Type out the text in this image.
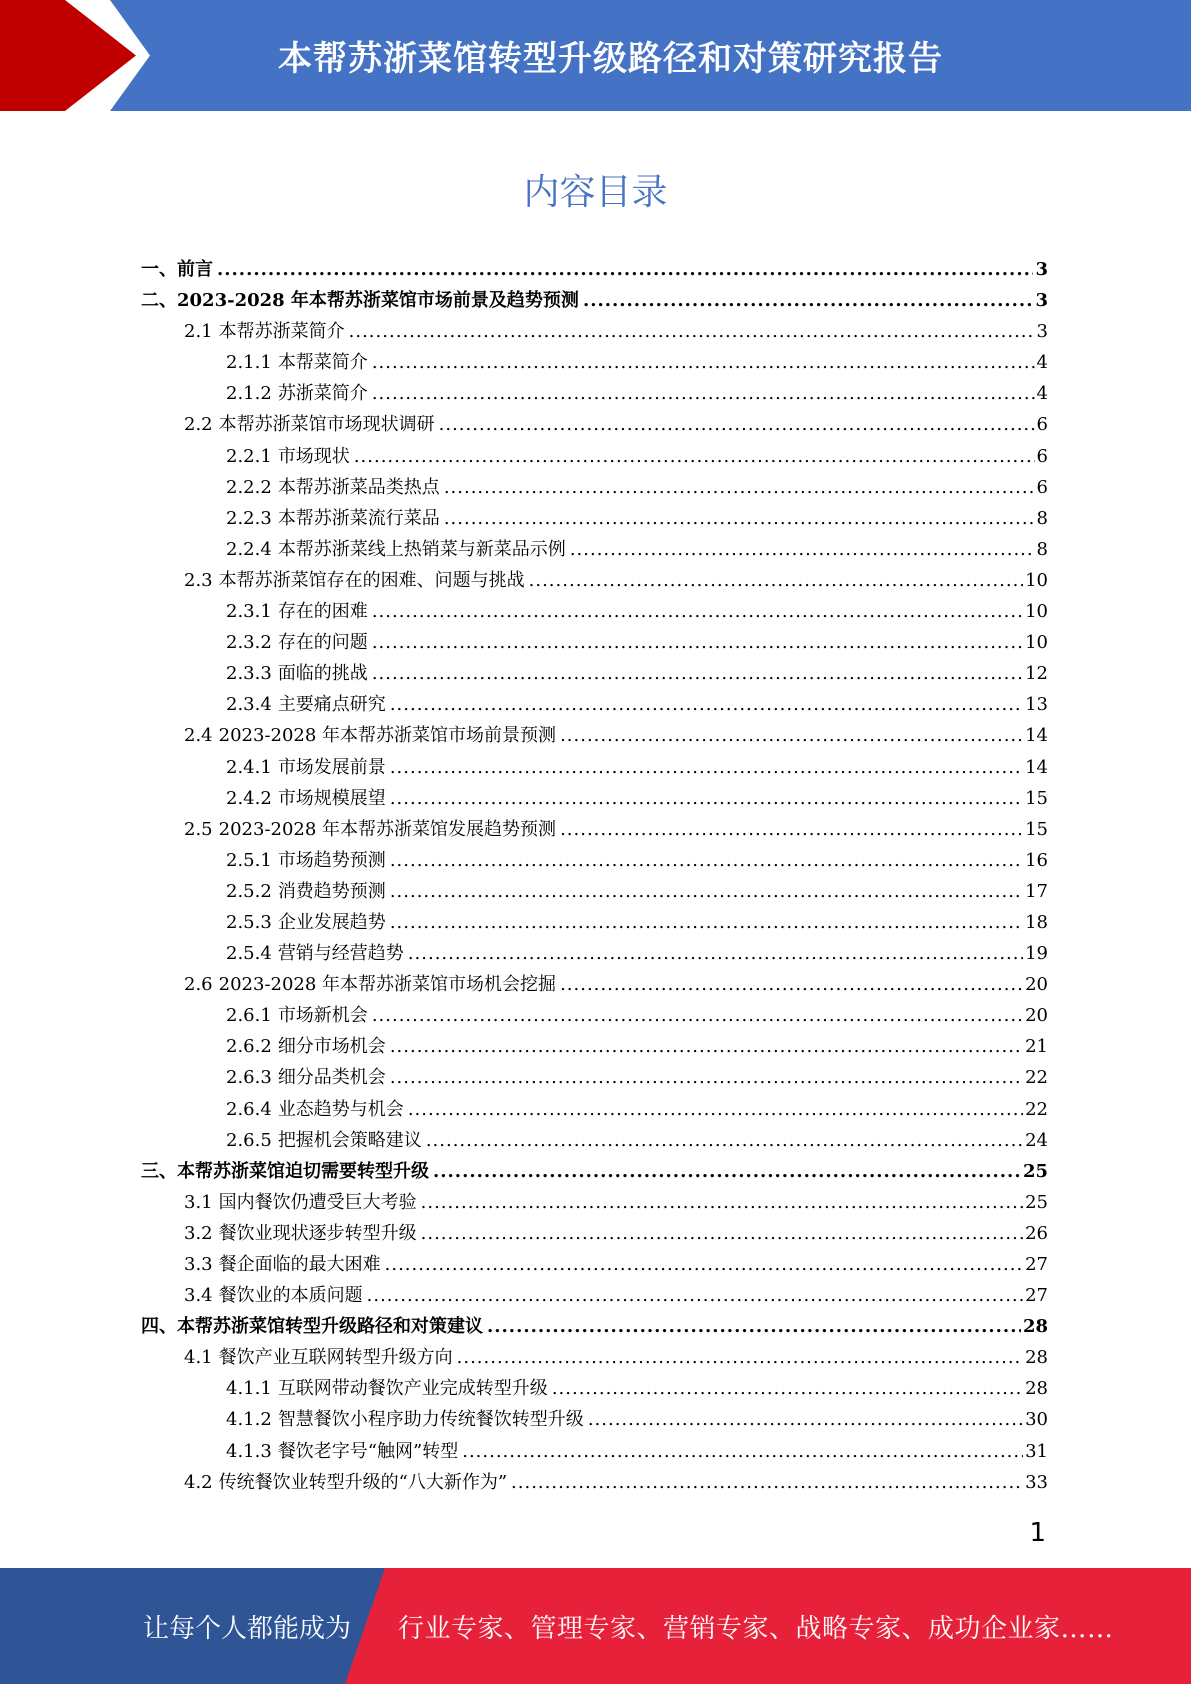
本帮苏浙菜馆转型升级路径和对策研究报告
内容目录
一、前言 .....	3
二、2023-2028 年本帮苏浙菜馆市场前景及趋势预测 .....	3
2.1 本帮苏浙菜简介 .....	3
2.1.1 本帮菜简介 .....	4
2.1.2 苏浙菜简介 .....	4
2.2 本帮苏浙菜馆市场现状调研 .....	6
2.2.1 市场现状 .....	6
2.2.2 本帮苏浙菜品类热点 .....	6
2.2.3 本帮苏浙菜流行菜品 .....	8
2.2.4 本帮苏浙菜线上热销菜与新菜品示例 .....	8
2.3 本帮苏浙菜馆存在的困难、问题与挑战 .....	10
2.3.1 存在的困难 .....	10
2.3.2 存在的问题 .....	10
2.3.3 面临的挑战 .....	12
2.3.4 主要痛点研究 .....	13
2.4 2023-2028 年本帮苏浙菜馆市场前景预测 .....	14
2.4.1 市场发展前景 .....	14
2.4.2 市场规模展望 .....	15
2.5 2023-2028 年本帮苏浙菜馆发展趋势预测 .....	15
2.5.1 市场趋势预测 .....	16
2.5.2 消费趋势预测 .....	17
2.5.3 企业发展趋势 .....	18
2.5.4 营销与经营趋势 .....	19
2.6 2023-2028 年本帮苏浙菜馆市场机会挖掘 .....	20
2.6.1 市场新机会 .....	20
2.6.2 细分市场机会 .....	21
2.6.3 细分品类机会 .....	22
2.6.4 业态趋势与机会 .....	22
2.6.5 把握机会策略建议 .....	24
三、本帮苏浙菜馆迫切需要转型升级 .....	25
3.1 国内餐饮仍遭受巨大考验 .....	25
3.2 餐饮业现状逐步转型升级 .....	26
3.3 餐企面临的最大困难 .....	27
3.4 餐饮业的本质问题 .....	27
四、本帮苏浙菜馆转型升级路径和对策建议 .....	28
4.1 餐饮产业互联网转型升级方向 .....	28
4.1.1 互联网带动餐饮产业完成转型升级 .....	28
4.1.2 智慧餐饮小程序助力传统餐饮转型升级 .....	30
4.1.3 餐饮老字号“触网”转型 .....	31
4.2 传统餐饮业转型升级的“八大新作为” .....	33
1
让每个人都能成为 行业专家、管理专家、营销专家、战略专家、成功企业家……
